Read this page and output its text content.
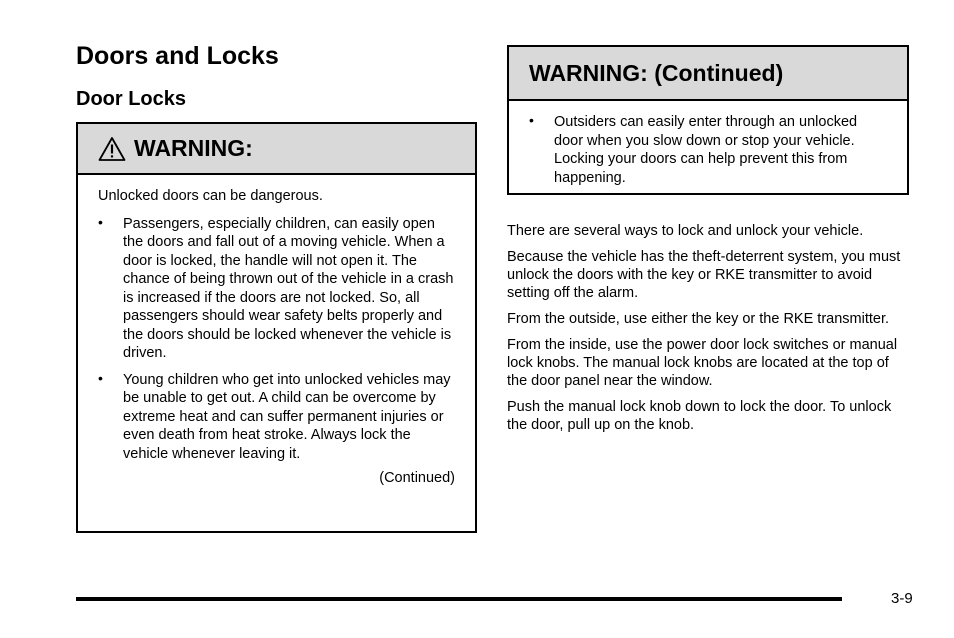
Doors and Locks
Door Locks
WARNING:

Unlocked doors can be dangerous.

• Passengers, especially children, can easily open the doors and fall out of a moving vehicle. When a door is locked, the handle will not open it. The chance of being thrown out of the vehicle in a crash is increased if the doors are not locked. So, all passengers should wear safety belts properly and the doors should be locked whenever the vehicle is driven.
• Young children who get into unlocked vehicles may be unable to get out. A child can be overcome by extreme heat and can suffer permanent injuries or even death from heat stroke. Always lock the vehicle whenever leaving it.
(Continued)
WARNING: (Continued)
• Outsiders can easily enter through an unlocked door when you slow down or stop your vehicle. Locking your doors can help prevent this from happening.

There are several ways to lock and unlock your vehicle.

Because the vehicle has the theft-deterrent system, you must unlock the doors with the key or RKE transmitter to avoid setting off the alarm.

From the outside, use either the key or the RKE transmitter.

From the inside, use the power door lock switches or manual lock knobs. The manual lock knobs are located at the top of the door panel near the window.

Push the manual lock knob down to lock the door. To unlock the door, pull up on the knob.

3-9
